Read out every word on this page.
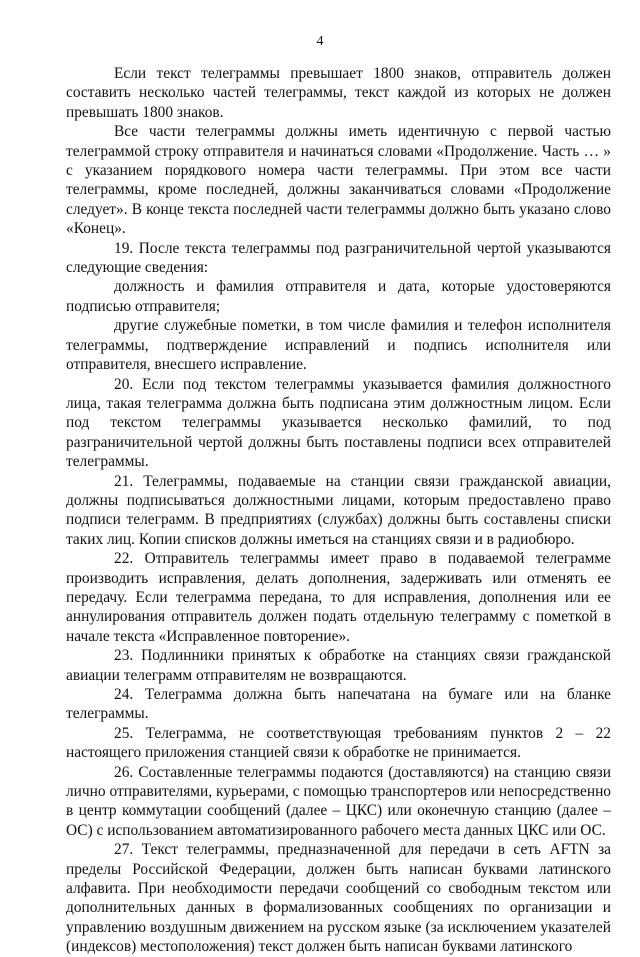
4

Если текст телеграммы превышает 1800 знаков, отправитель должен составить несколько частей телеграммы, текст каждой из которых не должен превышать 1800 знаков.

Все части телеграммы должны иметь идентичную с первой частью телеграммой строку отправителя и начинаться словами «Продолжение. Часть … » с указанием порядкового номера части телеграммы. При этом все части телеграммы, кроме последней, должны заканчиваться словами «Продолжение следует». В конце текста последней части телеграммы должно быть указано слово «Конец».

19. После текста телеграммы под разграничительной чертой указываются следующие сведения:

должность и фамилия отправителя и дата, которые удостоверяются подписью отправителя;

другие служебные пометки, в том числе фамилия и телефон исполнителя телеграммы, подтверждение исправлений и подпись исполнителя или отправителя, внесшего исправление.

20. Если под текстом телеграммы указывается фамилия должностного лица, такая телеграмма должна быть подписана этим должностным лицом. Если под текстом телеграммы указывается несколько фамилий, то под разграничительной чертой должны быть поставлены подписи всех отправителей телеграммы.

21. Телеграммы, подаваемые на станции связи гражданской авиации, должны подписываться должностными лицами, которым предоставлено право подписи телеграмм. В предприятиях (службах) должны быть составлены списки таких лиц. Копии списков должны иметься на станциях связи и в радиобюро.

22. Отправитель телеграммы имеет право в подаваемой телеграмме производить исправления, делать дополнения, задерживать или отменять ее передачу. Если телеграмма передана, то для исправления, дополнения или ее аннулирования отправитель должен подать отдельную телеграмму с пометкой в начале текста «Исправленное повторение».

23. Подлинники принятых к обработке на станциях связи гражданской авиации телеграмм отправителям не возвращаются.

24. Телеграмма должна быть напечатана на бумаге или на бланке телеграммы.

25. Телеграмма, не соответствующая требованиям пунктов 2 – 22 настоящего приложения станцией связи к обработке не принимается.

26. Составленные телеграммы подаются (доставляются) на станцию связи лично отправителями, курьерами, с помощью транспортеров или непосредственно в центр коммутации сообщений (далее – ЦКС) или оконечную станцию (далее – ОС) с использованием автоматизированного рабочего места данных ЦКС или ОС.

27. Текст телеграммы, предназначенной для передачи в сеть AFTN за пределы Российской Федерации, должен быть написан буквами латинского алфавита. При необходимости передачи сообщений со свободным текстом или дополнительных данных в формализованных сообщениях по организации и управлению воздушным движением на русском языке (за исключением указателей (индексов) местоположения) текст должен быть написан буквами латинского
